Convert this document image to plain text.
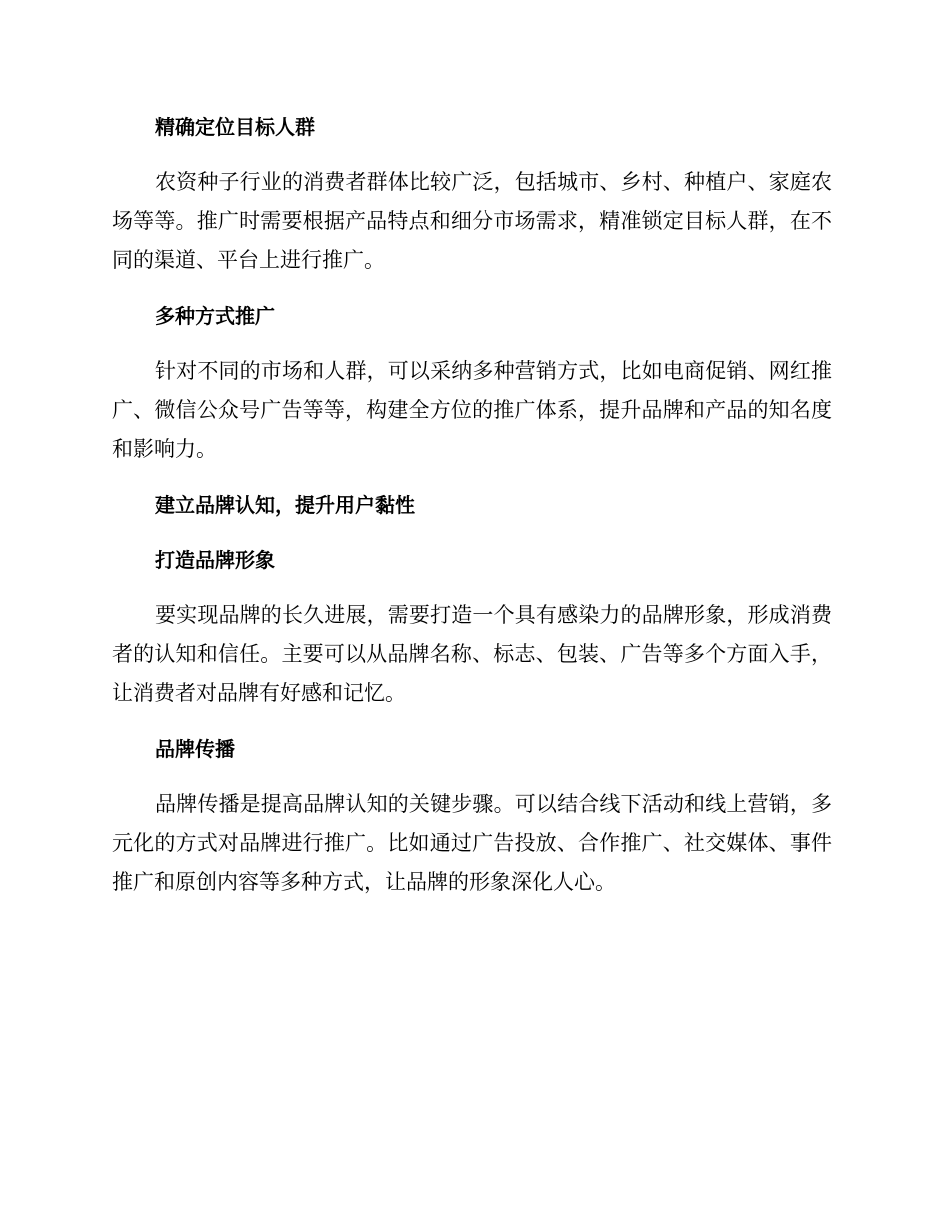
精确定位目标人群
农资种子行业的消费者群体比较广泛，包括城市、乡村、种植户、家庭农场等等。推广时需要根据产品特点和细分市场需求，精准锁定目标人群，在不同的渠道、平台上进行推广。
多种方式推广
针对不同的市场和人群，可以采纳多种营销方式，比如电商促销、网红推广、微信公众号广告等等，构建全方位的推广体系，提升品牌和产品的知名度和影响力。
建立品牌认知，提升用户黏性
打造品牌形象
要实现品牌的长久进展，需要打造一个具有感染力的品牌形象，形成消费者的认知和信任。主要可以从品牌名称、标志、包装、广告等多个方面入手，让消费者对品牌有好感和记忆。
品牌传播
品牌传播是提高品牌认知的关键步骤。可以结合线下活动和线上营销，多元化的方式对品牌进行推广。比如通过广告投放、合作推广、社交媒体、事件推广和原创内容等多种方式，让品牌的形象深化人心。
